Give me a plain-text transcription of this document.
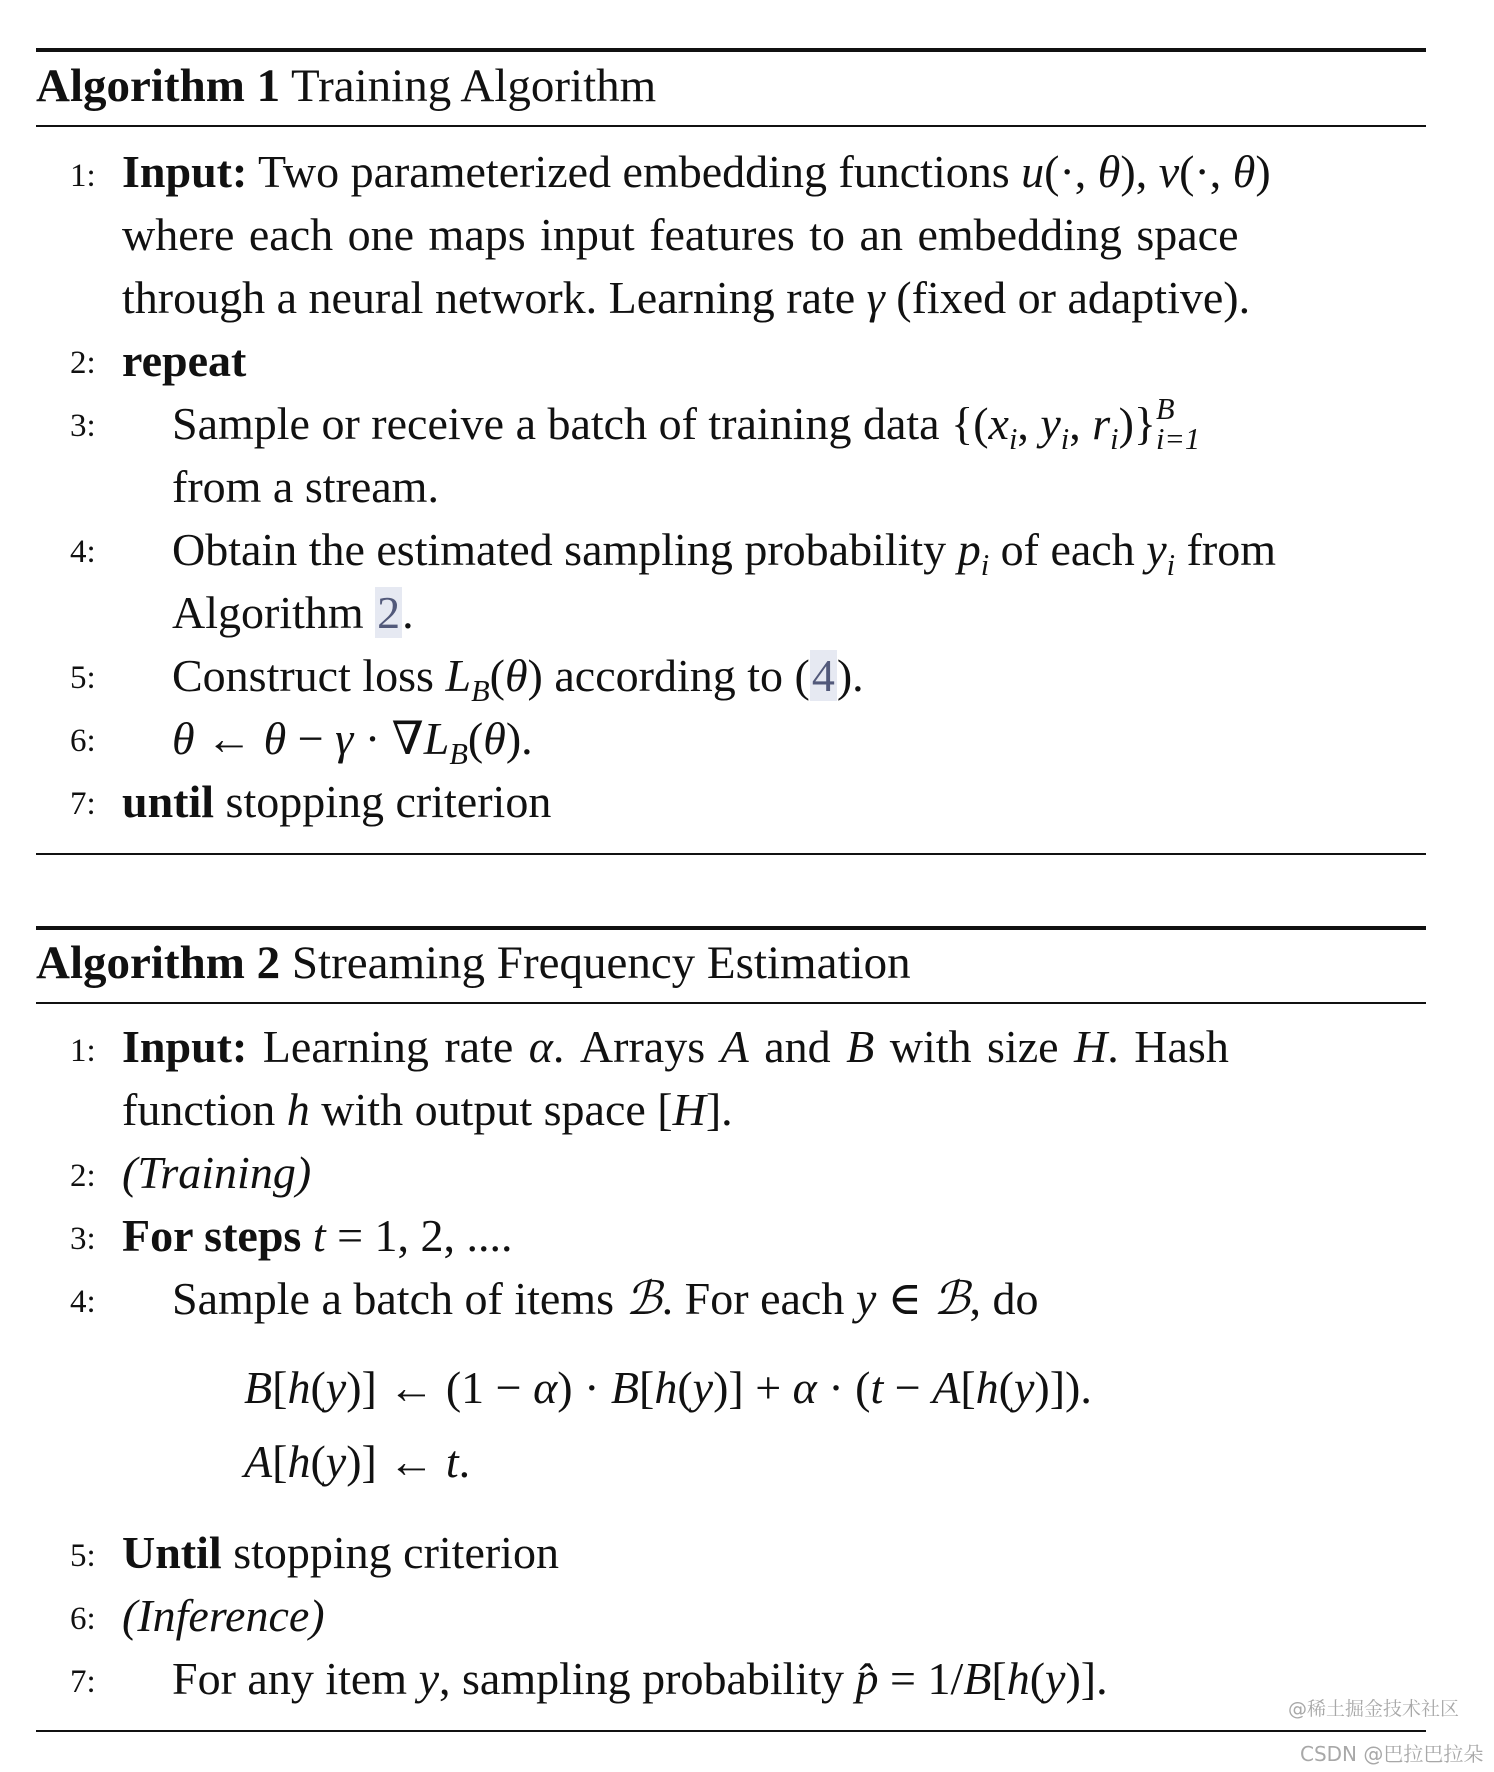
Algorithm 1 Training Algorithm
1:
2:
3:
4:
5:
6:
7:
Input: Two parameterized embedding functions u(·, θ), v(·, θ)
where each one maps input features to an embedding space
through a neural network. Learning rate γ (fixed or adaptive).
repeat
Sample or receive a batch of training data {($x_i$, $y_i$, $r_i$)} B
i=1
from a stream.
Obtain the estimated sampling probability $p_i$ of each $y_i$ from
Algorithm 2.
Construct loss $L_B(\theta)$ according to (4).
θ ← $\theta - \gamma \cdot \nabla L_B(\theta)$.
until stopping criterion
Algorithm 2 Streaming Frequency Estimation
1:
2:
3:
4:
5:
6:
7:
Input: Learning rate α. Arrays A and B with size H. Hash
function h with output space [H].
(Training)
For steps t = 1, 2, ....
Sample a batch of items ℬ. For each y ∈ ℬ, do
B[h(y)] ← (1 − α) · B[h(y)] + α · (t − A[h(y)]).
A[h(y)] ← t.
Until stopping criterion
(Inference)
For any item y, sampling probability p̂ = 1/B[h(y)].
@稀土掘金技术社区
CSDN @巴拉巴拉朵
